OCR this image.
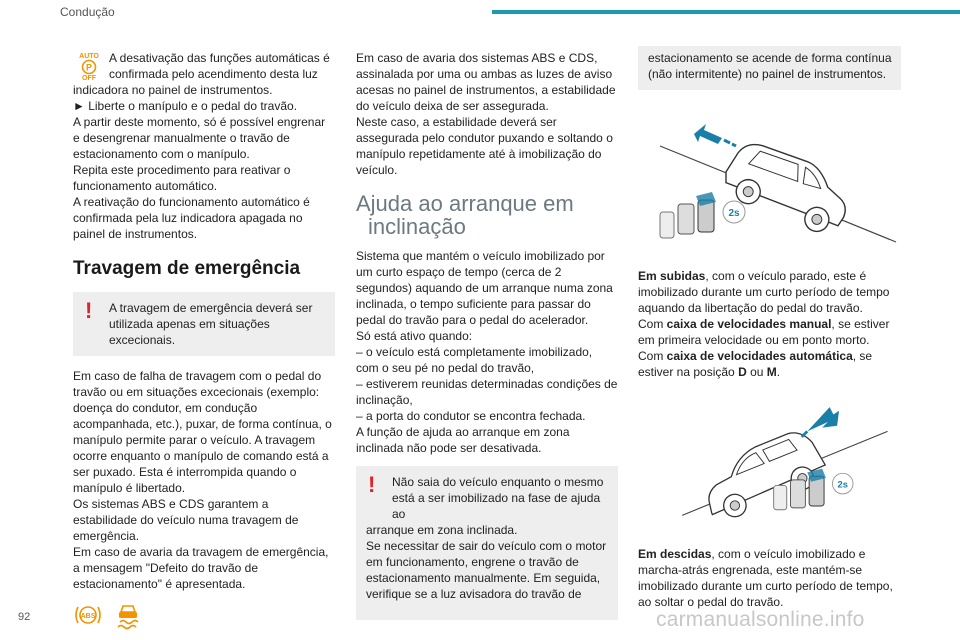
Condução
AUTO
P
OFF

A desativação das funções automáticas é

confirmada pelo acendimento desta luz

indicadora no painel de instrumentos.

► Liberte o manípulo e o pedal do travão.

A partir deste momento, só é possível engrenar e desengrenar manualmente o travão de estacionamento com o manípulo.

Repita este procedimento para reativar o funcionamento automático.

A reativação do funcionamento automático é confirmada pela luz indicadora apagada no painel de instrumentos.

Travagem de emergência
! A travagem de emergência deverá ser utilizada apenas em situações excecionais.

Em caso de falha de travagem com o pedal do travão ou em situações excecionais (exemplo: doença do condutor, em condução acompanhada, etc.), puxar, de forma contínua, o manípulo permite parar o veículo. A travagem ocorre enquanto o manípulo de comando está a ser puxado. Esta é interrompida quando o manípulo é libertado.

Os sistemas ABS e CDS garantem a estabilidade do veículo numa travagem de emergência.

Em caso de avaria da travagem de emergência, a mensagem "Defeito do travão de estacionamento" é apresentada.

ABS

Em caso de avaria dos sistemas ABS e CDS, assinalada por uma ou ambas as luzes de aviso acesas no painel de instrumentos, a estabilidade do veículo deixa de ser assegurada.

Neste caso, a estabilidade deverá ser assegurada pelo condutor puxando e soltando o manípulo repetidamente até à imobilização do veículo.

Ajuda ao arranque em
inclinação

Sistema que mantém o veículo imobilizado por um curto espaço de tempo (cerca de 2 segundos) aquando de um arranque numa zona inclinada, o tempo suficiente para passar do pedal do travão para o pedal do acelerador.

Só está ativo quando:

– o veículo está completamente imobilizado, com o seu pé no pedal do travão,

– estiverem reunidas determinadas condições de inclinação,

– a porta do condutor se encontra fechada.

A função de ajuda ao arranque em zona inclinada não pode ser desativada.

!	Não saia do veículo enquanto o mesmo

está a ser imobilizado na fase de ajuda ao

arranque em zona inclinada.

Se necessitar de sair do veículo com o motor em funcionamento, engrene o travão de estacionamento manualmente. Em seguida, verifique se a luz avisadora do travão de

estacionamento se acende de forma contínua (não intermitente) no painel de instrumentos.

2s

Em subidas, com o veículo parado, este é imobilizado durante um curto período de tempo aquando da libertação do pedal do travão.

Com caixa de velocidades manual, se estiver em primeira velocidade ou em ponto morto.

Com caixa de velocidades automática, se estiver na posição D ou M.

2s

Em descidas, com o veículo imobilizado e marcha-atrás engrenada, este mantém-se imobilizado durante um curto período de tempo, ao soltar o pedal do travão.

92	carmanualsonline.info
